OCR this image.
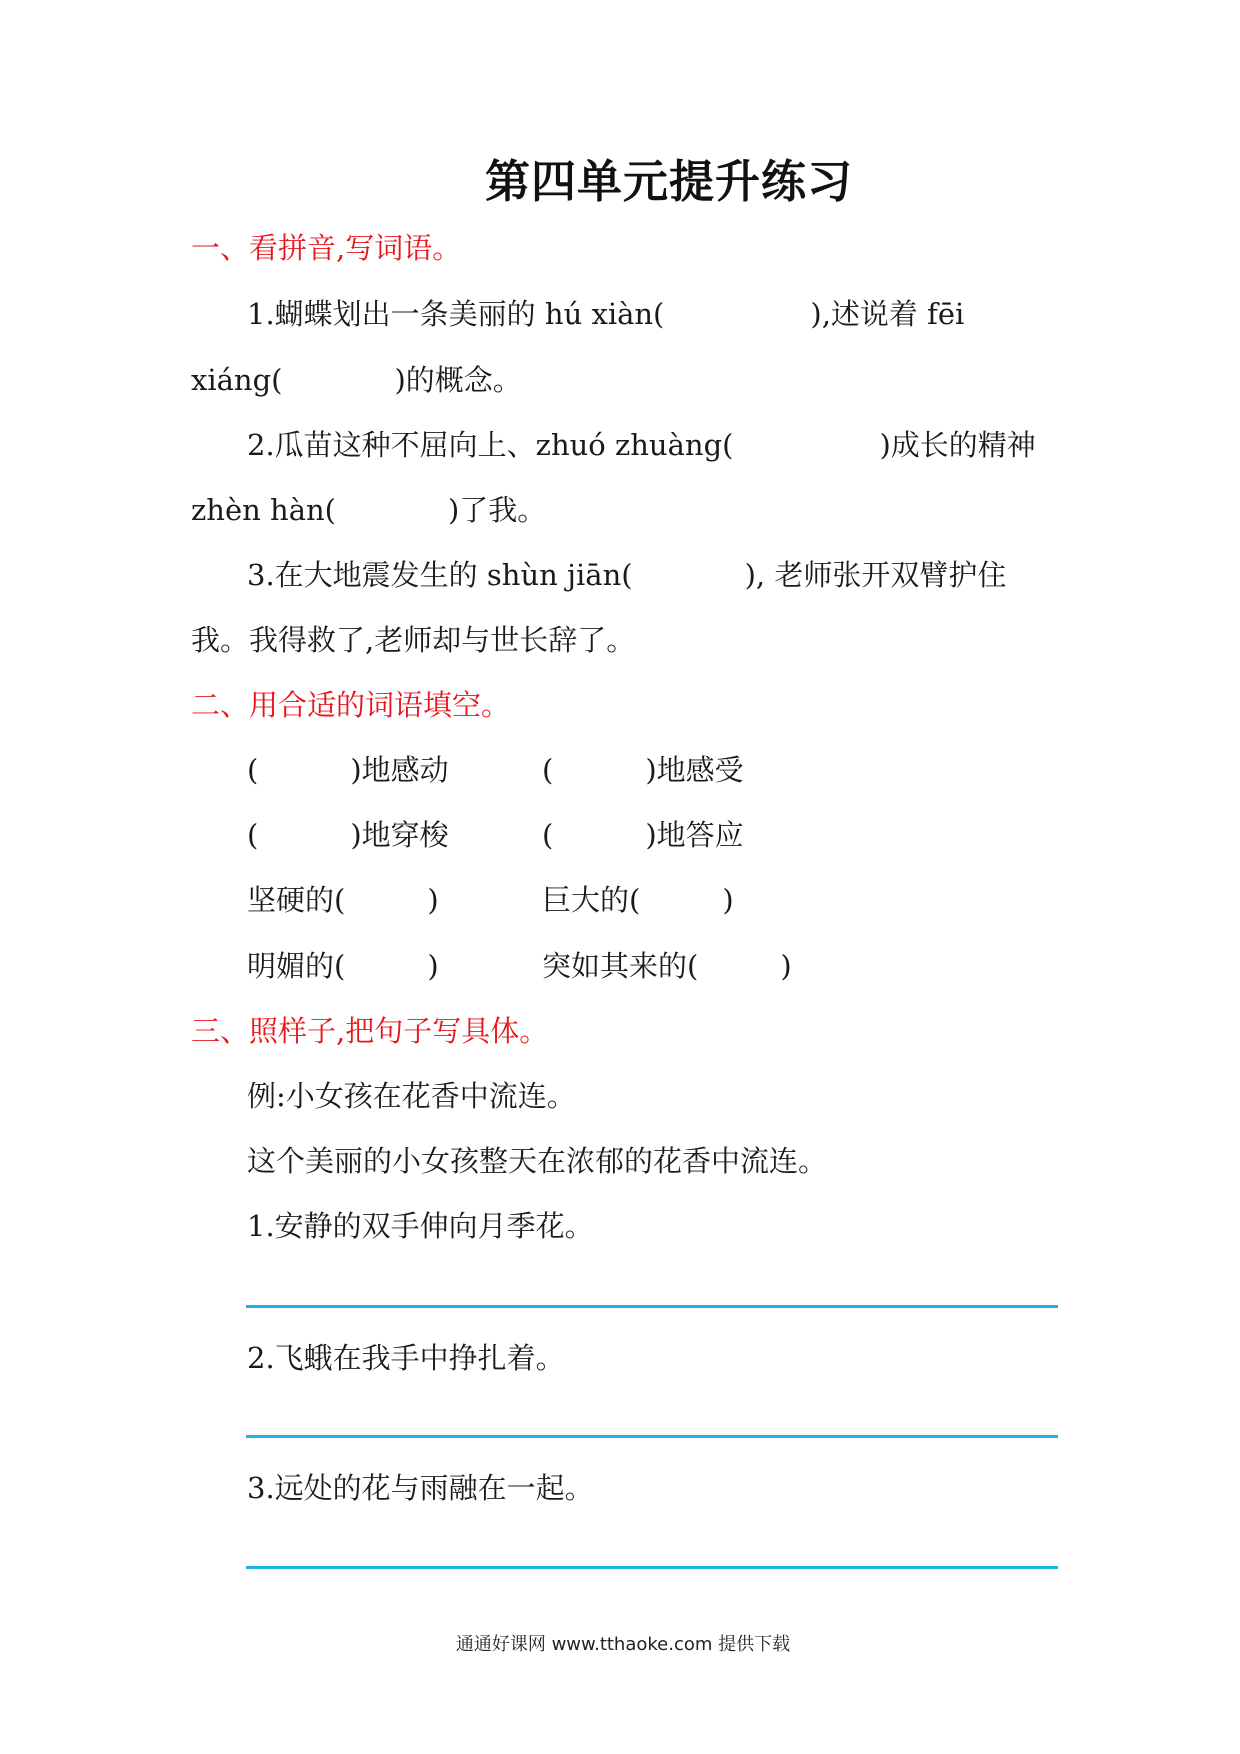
第四单元提升练习
一、看拼音,写词语。
1.蝴蝶划出一条美丽的 hú xiàn(	),述说着 fēi
xiáng(	)的概念。
2.瓜苗这种不屈向上、zhuó zhuàng(	)成长的精神
zhèn hàn(	)了我。
3.在大地震发生的 shùn jiān(	), 老师张开双臂护住
我。我得救了,老师却与世长辞了。
二、用合适的词语填空。
(	)地感动	(	)地感受
(	)地穿梭	(	)地答应
坚硬的(	)	巨大的(	)
明媚的(	)	突如其来的(	)
三、照样子,把句子写具体。
例:小女孩在花香中流连。
这个美丽的小女孩整天在浓郁的花香中流连。
1.安静的双手伸向月季花。
2.飞蛾在我手中挣扎着。
3.远处的花与雨融在一起。
通通好课网 www.tthaoke.com 提供下载
